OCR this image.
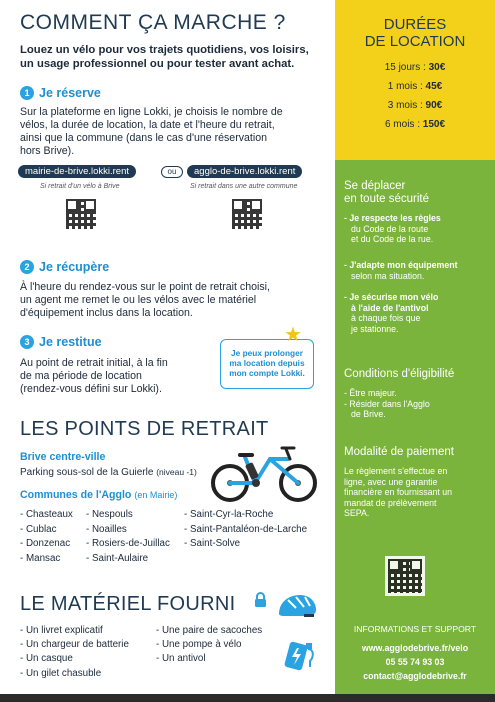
COMMENT ÇA MARCHE ?
Louez un vélo pour vos trajets quotidiens, vos loisirs,
un usage professionnel ou pour tester avant achat.
1 Je réserve
Sur la plateforme en ligne Lokki, je choisis le nombre de
vélos, la durée de location, la date et l'heure du retrait,
ainsi que la commune (dans le cas d'une réservation
hors Brive).
mairie-de-brive.lokki.rent	ou	agglo-de-brive.lokki.rent
Si retrait d'un vélo à Brive	Si retrait dans une autre commune
2 Je récupère
À l'heure du rendez-vous sur le point de retrait choisi,
un agent me remet le ou les vélos avec le matériel
d'équipement inclus dans la location.
3 Je restitue
Au point de retrait initial, à la fin
de ma période de location
(rendez-vous défini sur Lokki).
Je peux prolonger
ma location depuis
mon compte Lokki.
★
LES POINTS DE RETRAIT
Brive centre-ville
Parking sous-sol de la Guierle (niveau -1)
Communes de l'Agglo (en Mairie)
- Chasteaux
- Cublac
- Donzenac
- Mansac
- Nespouls
- Noailles
- Rosiers-de-Juillac
- Saint-Aulaire
- Saint-Cyr-la-Roche
- Saint-Pantaléon-de-Larche
- Saint-Solve
LE MATÉRIEL FOURNI
- Un livret explicatif
- Un chargeur de batterie
- Un casque
- Un gilet chasuble
- Une paire de sacoches
- Une pompe à vélo
- Un antivol
DURÉES
DE LOCATION
15 jours : 30€
1 mois : 45€
3 mois : 90€
6 mois : 150€
Se déplacer
en toute sécurité
- Je respecte les règles
du Code de la route
et du Code de la rue.
- J'adapte mon équipement
selon ma situation.
- Je sécurise mon vélo
à l'aide de l'antivol
à chaque fois que
je stationne.
Conditions d'éligibilité
- Être majeur.
- Résider dans l'Agglo
de Brive.
Modalité de paiement
Le règlement s'effectue en
ligne, avec une garantie
financière en fournissant un
mandat de prélèvement
SEPA.
INFORMATIONS ET SUPPORT
www.agglodebrive.fr/velo
05 55 74 93 03
contact@agglodebrive.fr
